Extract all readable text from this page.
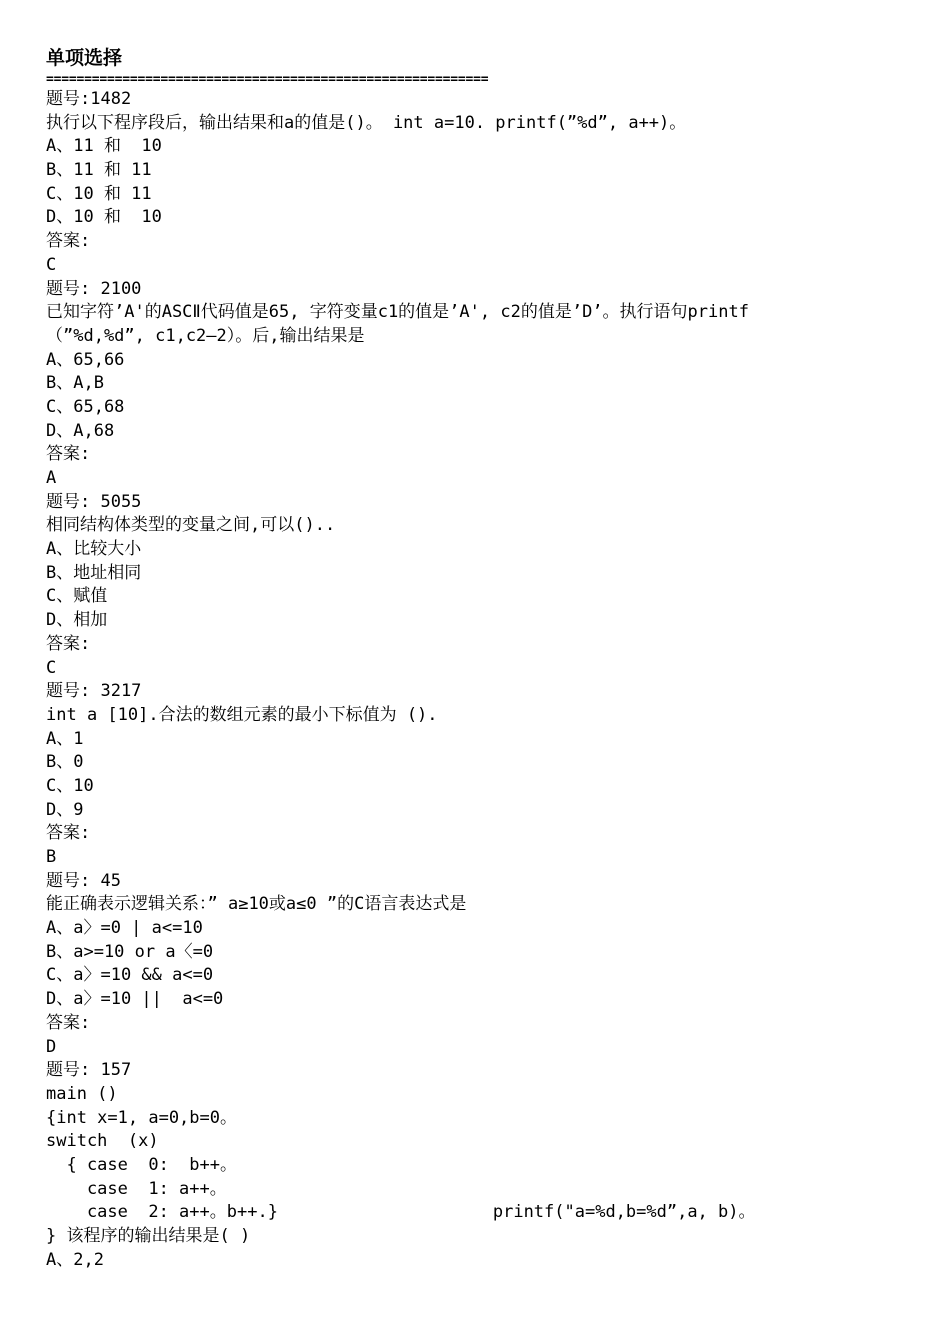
单项选择
==========================================================
题号:1482
执行以下程序段后，输出结果和a的值是()。 int a=10. printf(”%d”, a++)。
A、11 和  10
B、11 和 11
C、10 和 11
D、10 和  10
答案:
C
题号: 2100
已知字符’A'的ASCⅡ代码值是65, 字符变量c1的值是’A', c2的值是’D’。执行语句printf
（”%d,%d”, c1,c2—2）。后,输出结果是
A、65,66
B、A,B
C、65,68
D、A,68
答案:
A
题号: 5055
相同结构体类型的变量之间,可以()..
A、比较大小
B、地址相同
C、赋值
D、相加
答案:
C
题号: 3217
int a [10].合法的数组元素的最小下标值为 ().
A、1
B、0
C、10
D、9
答案:
B
题号: 45
能正确表示逻辑关系：” a≥10或a≤0 ”的C语言表达式是
A、a〉=0 | a<=10
B、a>=10 or a〈=0
C、a〉=10 && a<=0
D、a〉=10 ||  a<=0
答案:
D
题号: 157
main ()
{int x=1, a=0,b=0。
switch  (x)
{ case  0:  b++。
case  1: a++。
case  2: a++。b++.}                     printf("a=%d,b=%d”,a, b)。
} 该程序的输出结果是( )
A、2,2
